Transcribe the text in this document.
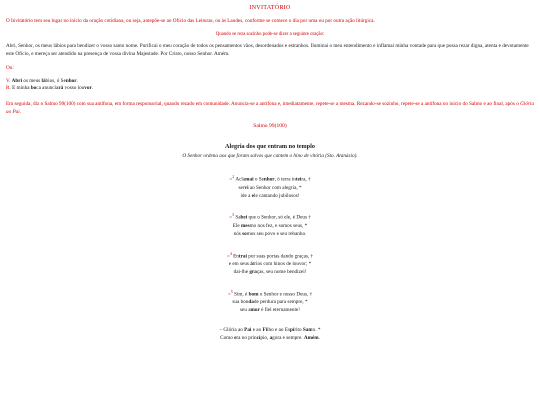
INVITATÓRIO

O Invitatório tem seu lugar no início da oração cotidiana, ou seja, antepõe-se ao Ofício das Leituras, ou às Laudes, conforme se comece o dia por uma ou por outra ação litúrgica.

Quando se reza sozinho pode-se dizer a seguinte oração:

Abri, Senhor, os meus lábios para bendizer o vosso santo nome. Purificai o meu coração de todos os pensamentos vãos, desordenados e estranhos. Iluminai o meu entendimento e inflamai minha vontade para que possa rezar digna, atenta e devotamente este Ofício, e mereça ser atendido na presença de vossa divina Majestade. Por Cristo, nosso Senhor. Amém.

Ou:

V. Abri os meus lábios, ó Senhor.

R. E minha boca anunciará vosso louvor.

Em seguida, diz o Salmo 99(100) com sua antífona, em forma responsorial, quando rezado em comunidade. Anuncia-se a antífona e, imediatamente, repete-se a mesma. Rezando-se sozinho, repete-se a antífona no início do Salmo e ao final, após o Glória ao Pai.

Salmo 99(100)

Alegria dos que entram no templo

O Senhor ordena aos que foram salvos que cantem o hino de vitória (Sto. Atanásio).

=$^2$ Aclamai o Senhor, ó terra inteira, †
servi ao Senhor com alegria, *
ide a ele cantando jubilosos!
=$^3$ Sabei que o Senhor, só ele, é Deus †
Ele mesmo nos fez, e somos seus, *
nós somos seu povo e seu rebanho.
=$^4$ Entrai por suas portas dando graças, †
e em seus átrios com hinos de louvor; *
dai-lhe graças, seu nome bendizei!
=$^5$ Sim, é bom o Senhor e nosso Deus, †
sua bondade perdura para sempre, *
seu amor é fiel eternamente!
– Glória ao Pai e ao Filho e ao Espírito Santo. *
Como era no princípio, agora e sempre. Amém.
